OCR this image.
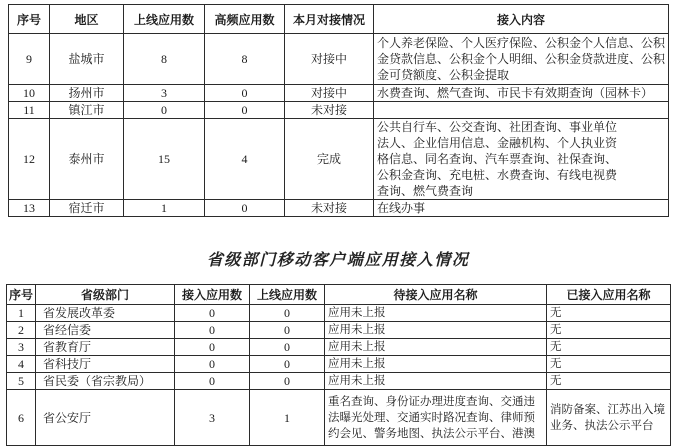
序号	地区	上线应用数	高频应用数	本月对接情况	接入内容
9	盐城市	8	8	对接中	个人养老保险、个人医疗保险、公积金个人信息、公积金贷款信息、公积金个人明细、公积金贷款进度、公积金可贷额度、公积金提取
10	扬州市	3	0	对接中	水费查询、燃气查询、市民卡有效期查询（园林卡）
11	镇江市	0	0	未对接	
12	泰州市	15	4	完成	公共自行车、公交查询、社团查询、事业单位法人、企业信用信息、金融机构、个人执业资格信息、同名查询、汽车票查询、社保查询、公积金查询、充电桩、水费查询、有线电视费查询、燃气费查询

13	宿迁市	1	0	未对接	在线办事
省级部门移动客户端应用接入情况
序号	省级部门	接入应用数	上线应用数	待接入应用名称	已接入应用名称
1	省发展改革委	0	0	应用未上报	无
2	省经信委	0	0	应用未上报	无
3	省教育厅	0	0	应用未上报	无
4	省科技厅	0	0	应用未上报	无
5	省民委（省宗教局）	0	0	应用未上报	无
6	省公安厅	3	1	重名查询、身份证办理进度查询、交通违法曝光处理、交通实时路况查询、律师预约会见、警务地图、执法公示平台、港澳	消防备案、江苏出入境业务、执法公示平台
